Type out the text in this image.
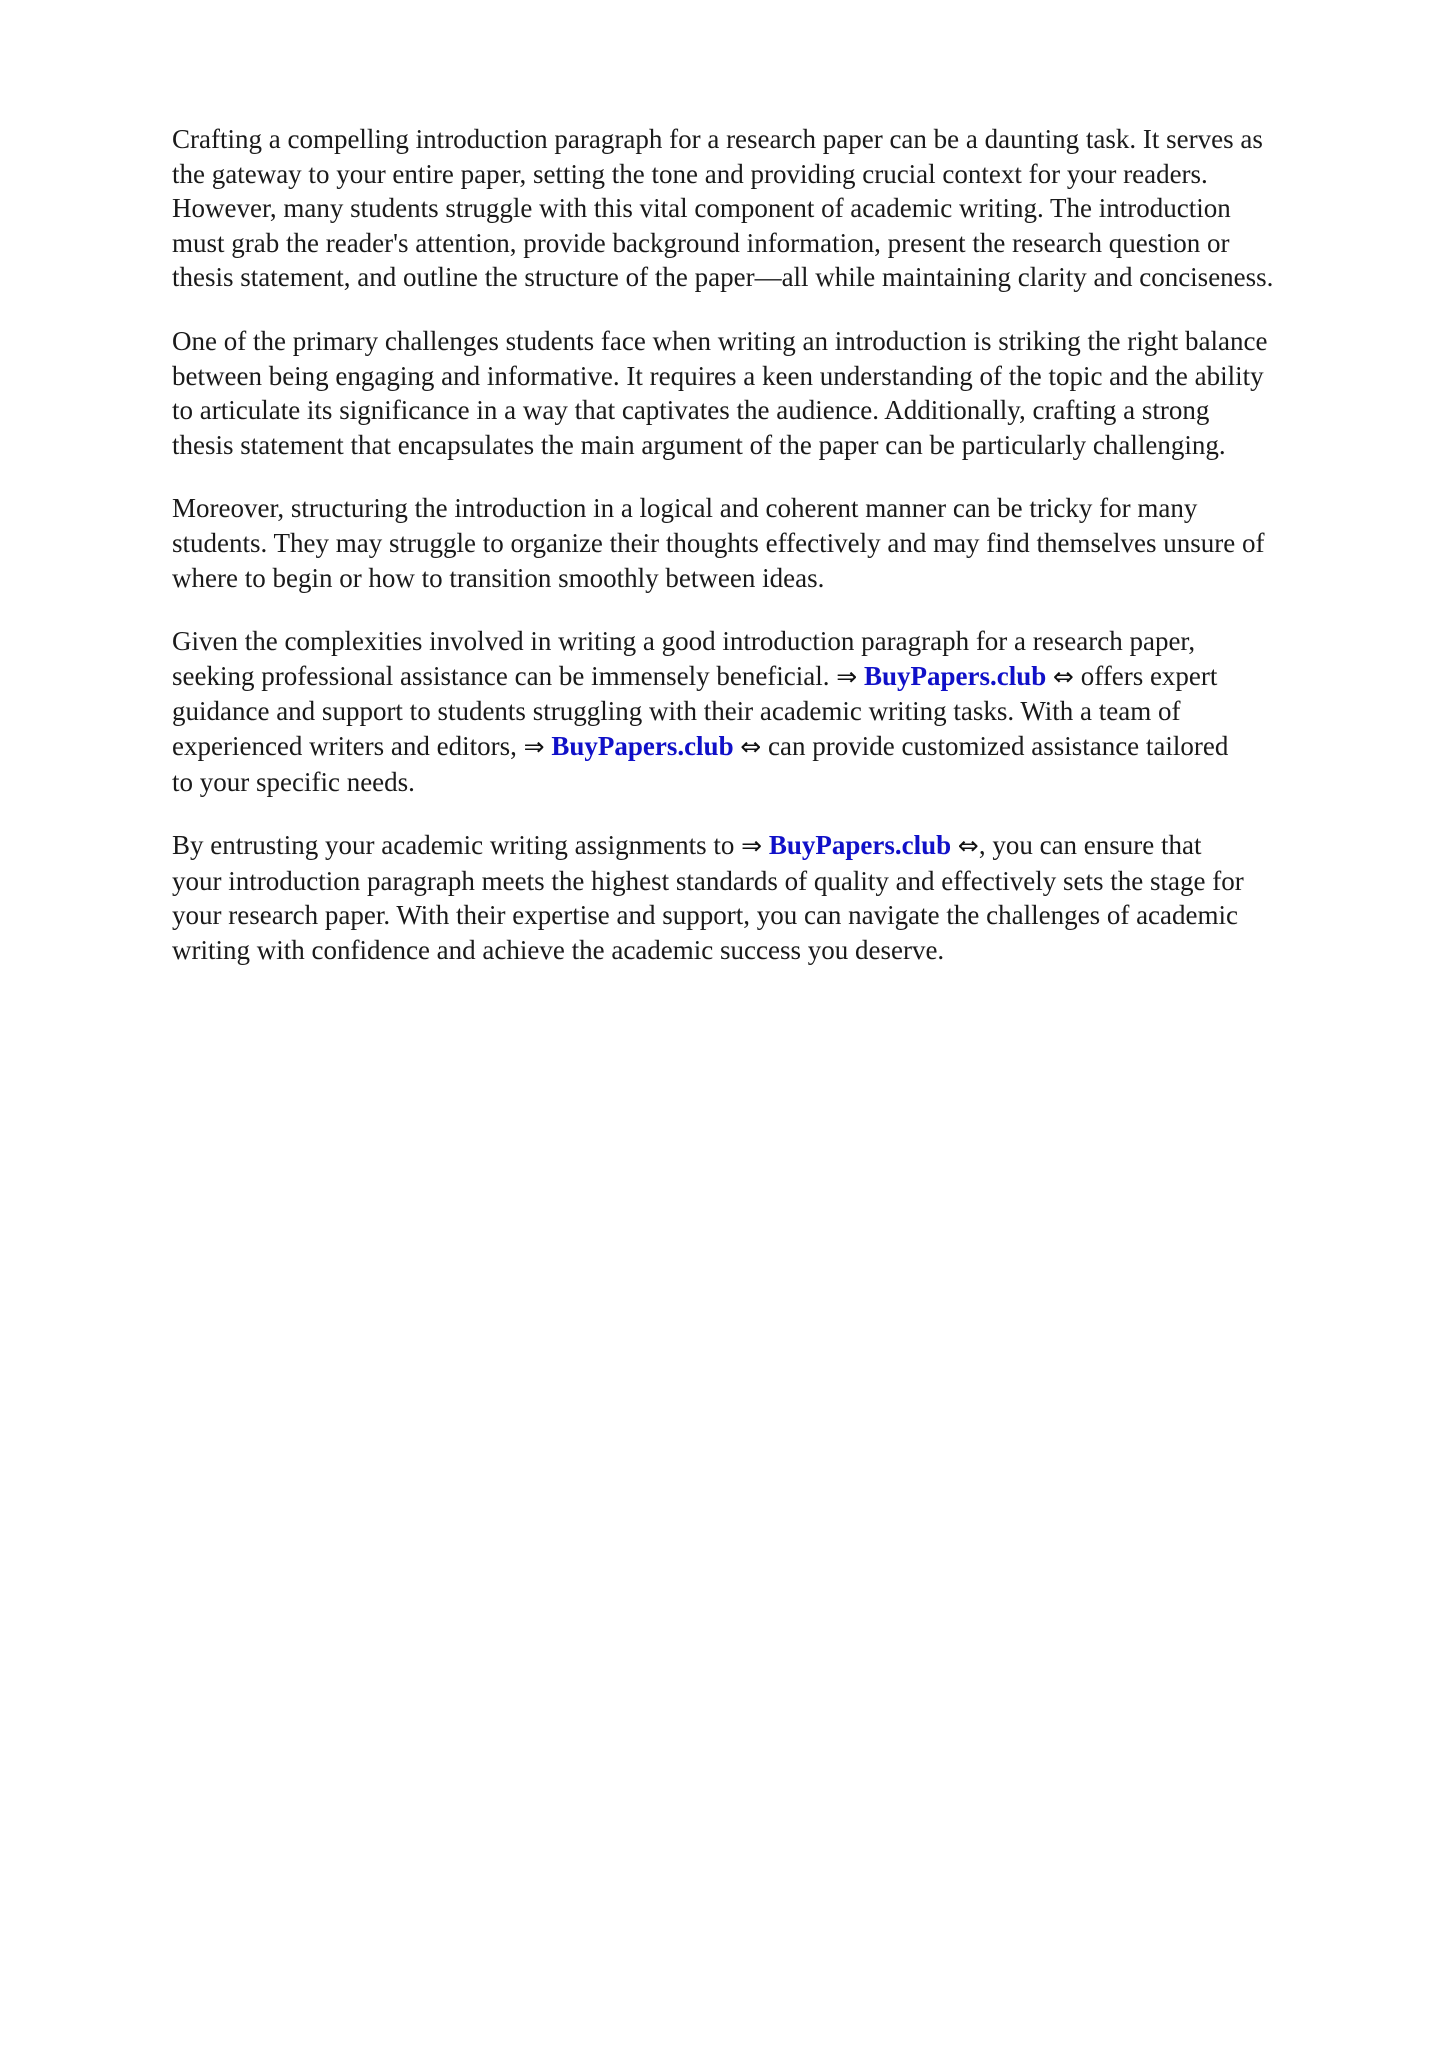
Crafting a compelling introduction paragraph for a research paper can be a daunting task. It serves as
the gateway to your entire paper, setting the tone and providing crucial context for your readers.
However, many students struggle with this vital component of academic writing. The introduction
must grab the reader's attention, provide background information, present the research question or
thesis statement, and outline the structure of the paper—all while maintaining clarity and conciseness.

One of the primary challenges students face when writing an introduction is striking the right balance
between being engaging and informative. It requires a keen understanding of the topic and the ability
to articulate its significance in a way that captivates the audience. Additionally, crafting a strong
thesis statement that encapsulates the main argument of the paper can be particularly challenging.

Moreover, structuring the introduction in a logical and coherent manner can be tricky for many
students. They may struggle to organize their thoughts effectively and may find themselves unsure of
where to begin or how to transition smoothly between ideas.

Given the complexities involved in writing a good introduction paragraph for a research paper,
seeking professional assistance can be immensely beneficial. ⇒ BuyPapers.club ⇔ offers expert
guidance and support to students struggling with their academic writing tasks. With a team of
experienced writers and editors, ⇒ BuyPapers.club ⇔ can provide customized assistance tailored
to your specific needs.

By entrusting your academic writing assignments to ⇒ BuyPapers.club ⇔, you can ensure that
your introduction paragraph meets the highest standards of quality and effectively sets the stage for
your research paper. With their expertise and support, you can navigate the challenges of academic
writing with confidence and achieve the academic success you deserve.
